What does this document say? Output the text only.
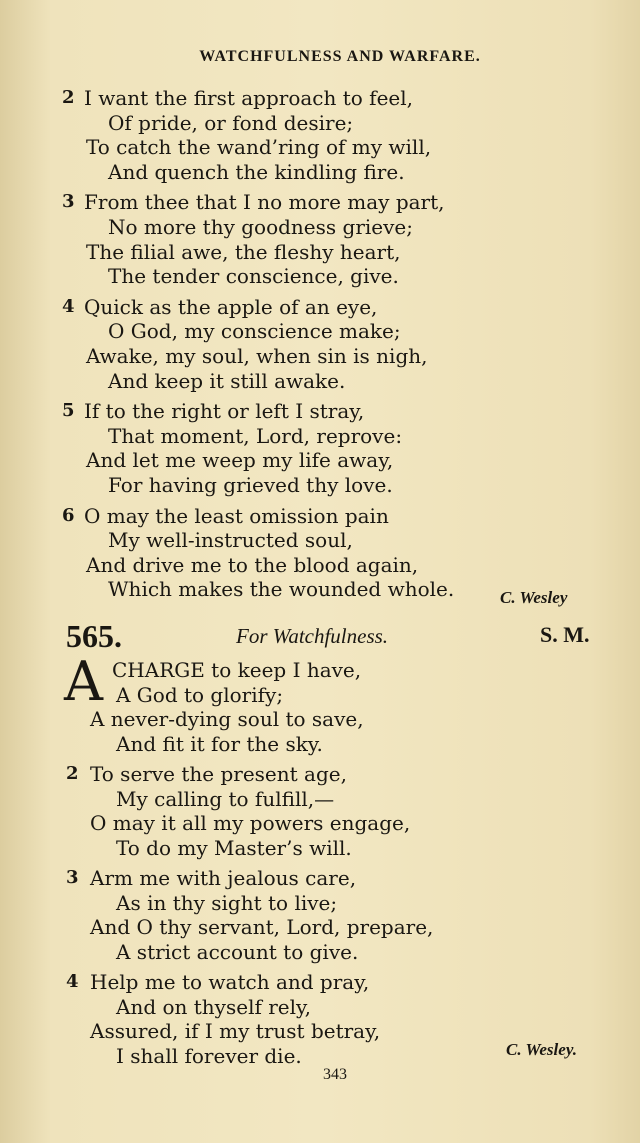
WATCHFULNESS AND WARFARE.
2 I want the first approach to feel,
Of pride, or fond desire;
To catch the wand’ring of my will,
And quench the kindling fire.
3 From thee that I no more may part,
No more thy goodness grieve;
The filial awe, the fleshy heart,
The tender conscience, give.
4 Quick as the apple of an eye,
O God, my conscience make;
Awake, my soul, when sin is nigh,
And keep it still awake.
5 If to the right or left I stray,
That moment, Lord, reprove:
And let me weep my life away,
For having grieved thy love.
6 O may the least omission pain
My well-instructed soul,
And drive me to the blood again,
Which makes the wounded whole.	C. Wesley
565.	For Watchfulness.	S. M.
A CHARGE to keep I have,
A God to glorify;
A never-dying soul to save,
And fit it for the sky.
2 To serve the present age,
My calling to fulfill,—
O may it all my powers engage,
To do my Master’s will.
3 Arm me with jealous care,
As in thy sight to live;
And O thy servant, Lord, prepare,
A strict account to give.
4 Help me to watch and pray,
And on thyself rely,
Assured, if I my trust betray,
I shall forever die.	C. Wesley.
343
